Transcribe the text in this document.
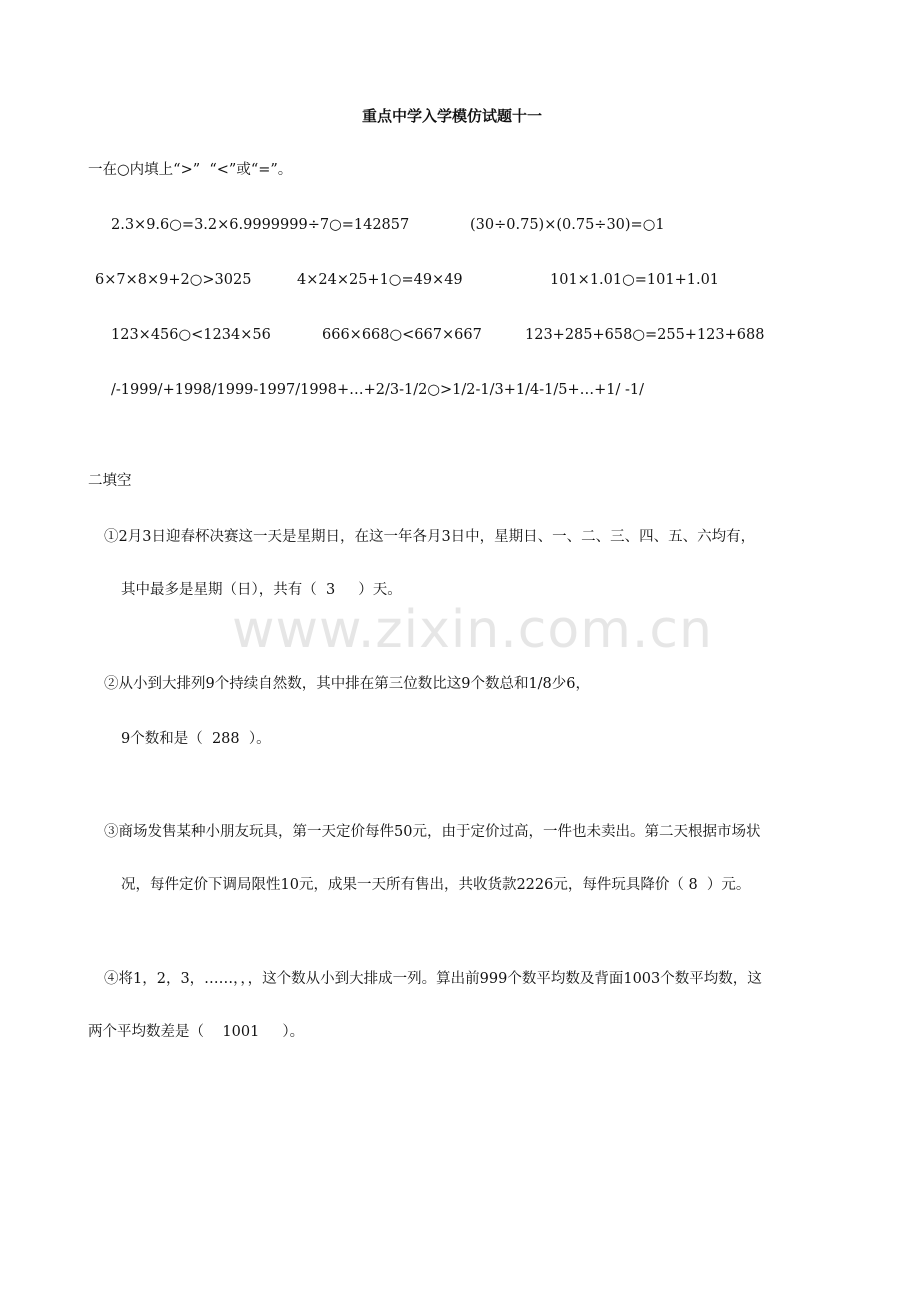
www.zixin.com.cn
重点中学入学模仿试题十一
一在○内填上“>”  “<”或“=”。
2.3×9.6○=3.2×6.9999999÷7○=142857	(30÷0.75)×(0.75÷30)=○1
6×7×8×9+2○>3025	4×24×25+1○=49×49	101×1.01○=101+1.01
123×456○<1234×56	666×668○<667×667	123+285+658○=255+123+688
/-1999/+1998/1999-1997/1998+…+2/3-1/2○>1/2-1/3+1/4-1/5+…+1/ -1/
二填空
①2月3日迎春杯决赛这一天是星期日，在这一年各月3日中，星期日、一、二、三、四、五、六均有，
其中最多是星期（日），共有（  3     ）天。
②从小到大排列9个持续自然数，其中排在第三位数比这9个数总和1/8少6，
9个数和是（  288  ）。
③商场发售某种小朋友玩具，第一天定价每件50元，由于定价过高，一件也未卖出。第二天根据市场状
况，每件定价下调局限性10元，成果一天所有售出，共收货款2226元，每件玩具降价（ 8  ）元。
④将1，2，3，……，，，这个数从小到大排成一列。算出前999个数平均数及背面1003个数平均数，这
两个平均数差是（    1001     ）。
